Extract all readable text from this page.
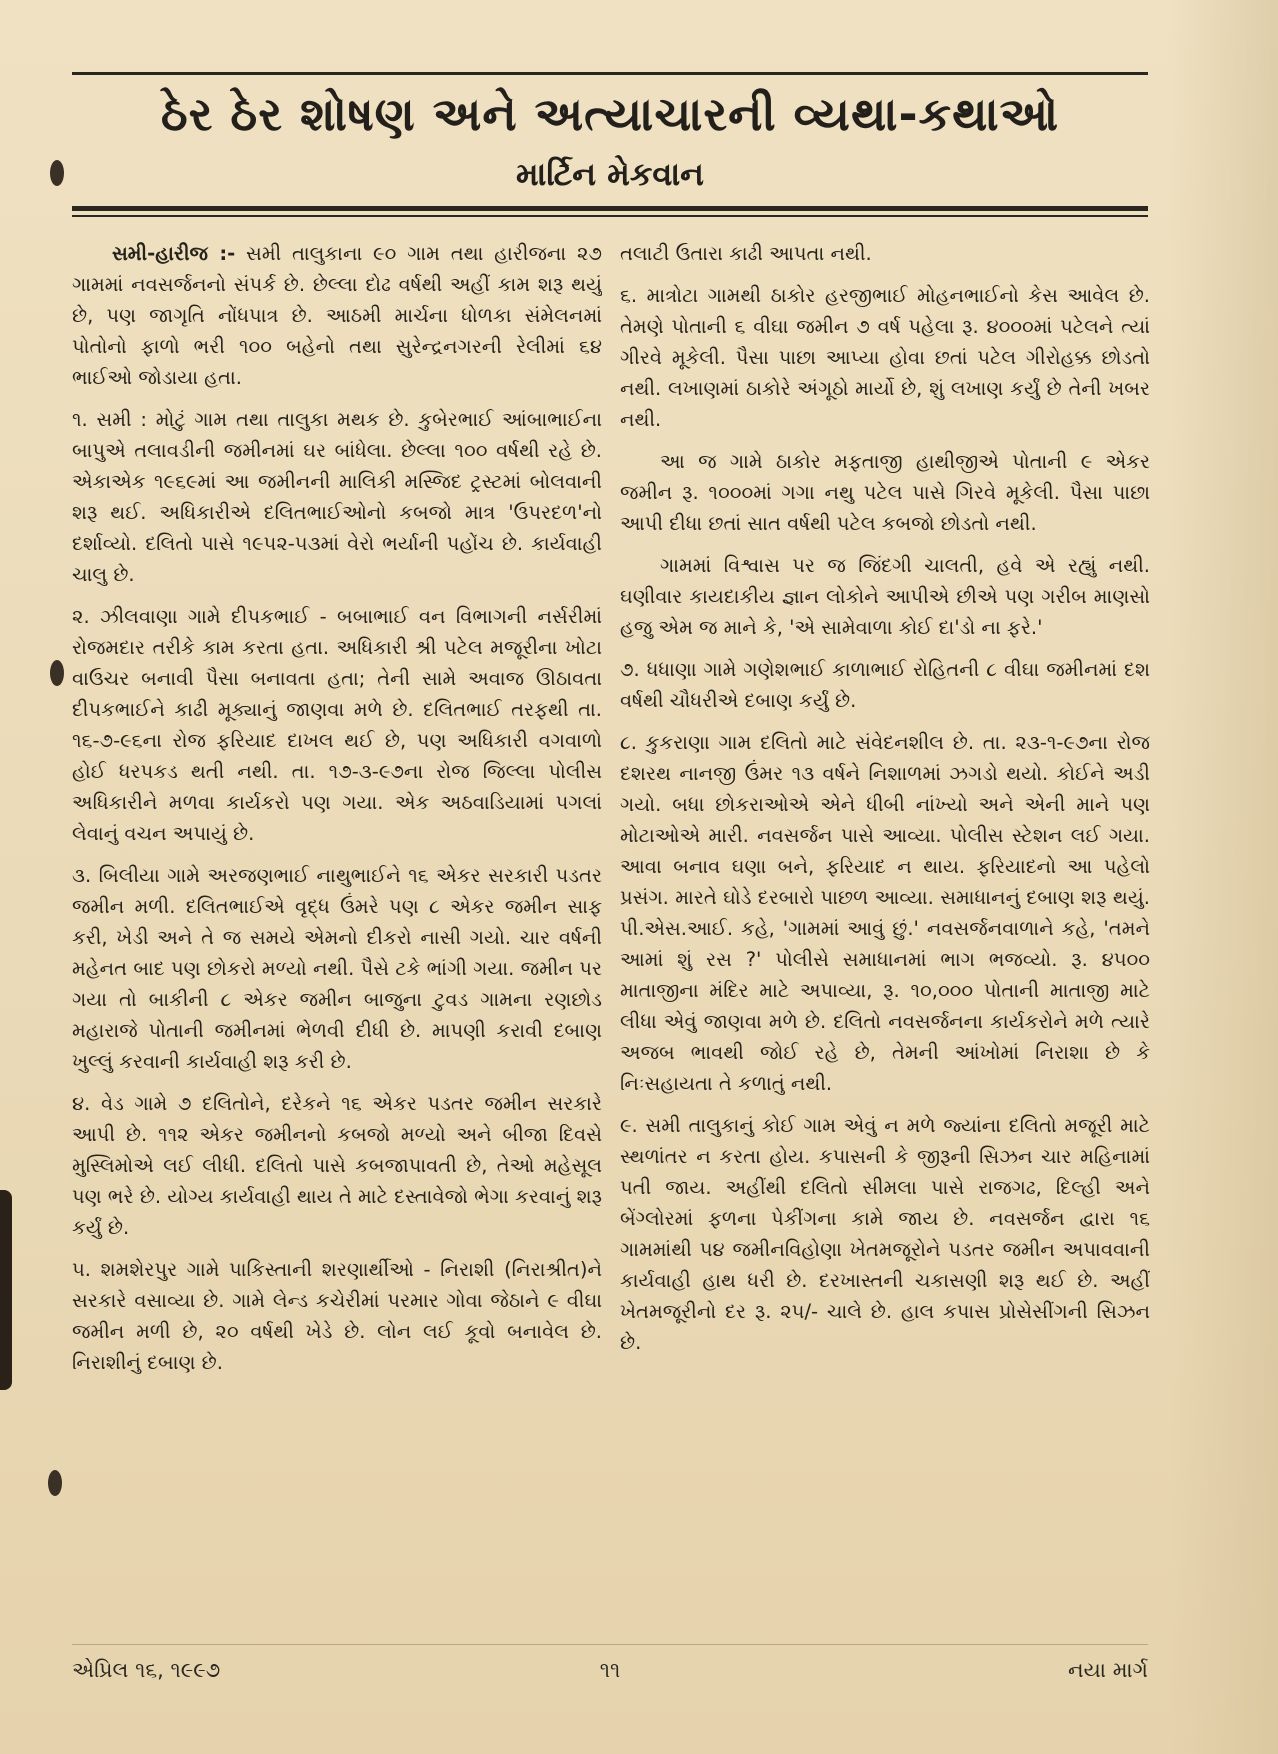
ઠેર ઠેર શોષણ અને અત્યાચારની વ્યથા-કથાઓ
માર્ટિન મેકવાન

સમી-હારીજ :- સમી તાલુકાના ૯૦ ગામ તથા હારીજના ૨૭ ગામમાં નવસર્જનનો સંપર્ક છે. છેલ્લા દોઢ વર્ષથી અહીં કામ શરૂ થયું છે, પણ જાગૃતિ નોંધપાત્ર છે. આઠમી માર્ચના ધોળકા સંમેલનમાં પોતોનો ફાળો ભરી ૧૦૦ બહેનો તથા સુરેન્દ્રનગરની રેલીમાં ૬૪ ભાઈઓ જોડાયા હતા.

૧. સમી : મોટું ગામ તથા તાલુકા મથક છે. કુબેરભાઈ આંબાભાઈના બાપુએ તલાવડીની જમીનમાં ઘર બાંધેલા. છેલ્લા ૧૦૦ વર્ષથી રહે છે. એકાએક ૧૯૬૯માં આ જમીનની માલિકી મસ્જિદ ટ્રસ્ટમાં બોલવાની શરૂ થઈ. અધિકારીએ દલિતભાઈઓનો કબજો માત્ર 'ઉપરદળ'નો દર્શાવ્યો. દલિતો પાસે ૧૯૫૨-૫૩માં વેરો ભર્યાની પહોંચ છે. કાર્યવાહી ચાલુ છે.

૨. ઝીલવાણા ગામે દીપકભાઈ - બબાભાઈ વન વિભાગની નર્સરીમાં રોજમદાર તરીકે કામ કરતા હતા. અધિકારી શ્રી પટેલ મજૂરીના ખોટા વાઉચર બનાવી પૈસા બનાવતા હતા; તેની સામે અવાજ ઊઠાવતા દીપકભાઈને કાઢી મૂક્યાનું જાણવા મળે છે. દલિતભાઈ તરફથી તા. ૧૬-૭-૯૬ના રોજ ફરિયાદ દાખલ થઈ છે, પણ અધિકારી વગવાળો હોઈ ધરપકડ થતી નથી. તા. ૧૭-૩-૯૭ના રોજ જિલ્લા પોલીસ અધિકારીને મળવા કાર્યકરો પણ ગયા. એક અઠવાડિયામાં પગલાં લેવાનું વચન અપાયું છે.

૩. બિલીયા ગામે અરજણભાઈ નાથુભાઈને ૧૬ એકર સરકારી પડતર જમીન મળી. દલિતભાઈએ વૃદ્ધ ઉંમરે પણ ૮ એકર જમીન સાફ કરી, ખેડી અને તે જ સમયે એમનો દીકરો નાસી ગયો. ચાર વર્ષની મહેનત બાદ પણ છોકરો મળ્યો નથી. પૈસે ટકે ભાંગી ગયા. જમીન પર ગયા તો બાકીની ૮ એકર જમીન બાજુના ટુવડ ગામના રણછોડ મહારાજે પોતાની જમીનમાં ભેળવી દીધી છે. માપણી કરાવી દબાણ ખુલ્લું કરવાની કાર્યવાહી શરૂ કરી છે.

૪. વેડ ગામે ૭ દલિતોને, દરેકને ૧૬ એકર પડતર જમીન સરકારે આપી છે. ૧૧૨ એકર જમીનનો કબજો મળ્યો અને બીજા દિવસે મુસ્લિમોએ લઈ લીધી. દલિતો પાસે કબજાપાવતી છે, તેઓ મહેસૂલ પણ ભરે છે. યોગ્ય કાર્યવાહી થાય તે માટે દસ્તાવેજો ભેગા કરવાનું શરૂ કર્યું છે.

૫. શમશેરપુર ગામે પાકિસ્તાની શરણાર્થીઓ - નિરાશી (નિરાશ્રીત)ને સરકારે વસાવ્યા છે. ગામે લેન્ડ કચેરીમાં પરમાર ગોવા જેઠાને ૯ વીઘા જમીન મળી છે, ૨૦ વર્ષથી ખેડે છે. લોન લઈ કૂવો બનાવેલ છે. નિરાશીનું દબાણ છે.

તલાટી ઉતારા કાઢી આપતા નથી.

૬. માત્રોટા ગામથી ઠાકોર હરજીભાઈ મોહનભાઈનો કેસ આવેલ છે. તેમણે પોતાની ૬ વીઘા જમીન ૭ વર્ષ પહેલા રૂ. ૪૦૦૦માં પટેલને ત્યાં ગીરવે મૂકેલી. પૈસા પાછા આપ્યા હોવા છતાં પટેલ ગીરોહક્ક છોડતો નથી. લખાણમાં ઠાકોરે અંગૂઠો માર્યો છે, શું લખાણ કર્યું છે તેની ખબર નથી.

આ જ ગામે ઠાકોર મફતાજી હાથીજીએ પોતાની ૯ એકર જમીન રૂ. ૧૦૦૦માં ગગા નથુ પટેલ પાસે ગિરવે મૂકેલી. પૈસા પાછા આપી દીધા છતાં સાત વર્ષથી પટેલ કબજો છોડતો નથી.

ગામમાં વિશ્વાસ પર જ જિંદગી ચાલતી, હવે એ રહ્યું નથી. ઘણીવાર કાયદાકીય જ્ઞાન લોકોને આપીએ છીએ પણ ગરીબ માણસો હજુ એમ જ માને કે, 'એ સામેવાળા કોઈ દા'ડો ના ફરે.'

૭. ધધાણા ગામે ગણેશભાઈ કાળાભાઈ રોહિતની ૮ વીઘા જમીનમાં દશ વર્ષથી ચૌધરીએ દબાણ કર્યું છે.

૮. કુકરાણા ગામ દલિતો માટે સંવેદનશીલ છે. તા. ૨૩-૧-૯૭ના રોજ દશરથ નાનજી ઉંમર ૧૩ વર્ષને નિશાળમાં ઝગડો થયો. કોઈને અડી ગયો. બધા છોકરાઓએ એને ધીબી નાંખ્યો અને એની માને પણ મોટાઓએ મારી. નવસર્જન પાસે આવ્યા. પોલીસ સ્ટેશન લઈ ગયા. આવા બનાવ ઘણા બને, ફરિયાદ ન થાય. ફરિયાદનો આ પહેલો પ્રસંગ. મારતે ઘોડે દરબારો પાછળ આવ્યા. સમાધાનનું દબાણ શરૂ થયું. પી.એસ.આઈ. કહે, 'ગામમાં આવું છું.' નવસર્જનવાળાને કહે, 'તમને આમાં શું રસ ?' પોલીસે સમાધાનમાં ભાગ ભજવ્યો. રૂ. ૪૫૦૦ માતાજીના મંદિર માટે અપાવ્યા, રૂ. ૧૦,૦૦૦ પોતાની માતાજી માટે લીધા એવું જાણવા મળે છે. દલિતો નવસર્જનના કાર્યકરોને મળે ત્યારે અજબ ભાવથી જોઈ રહે છે, તેમની આંખોમાં નિરાશા છે કે નિઃસહાયતા તે કળાતું નથી.

૯. સમી તાલુકાનું કોઈ ગામ એવું ન મળે જ્યાંના દલિતો મજૂરી માટે સ્થળાંતર ન કરતા હોય. કપાસની કે જીરૂની સિઝન ચાર મહિનામાં પતી જાય. અહીંથી દલિતો સીમલા પાસે રાજગઢ, દિલ્હી અને બેંગ્લોરમાં ફળના પેકીંગના કામે જાય છે. નવસર્જન દ્વારા ૧૬ ગામમાંથી ૫૪ જમીનવિહોણા ખેતમજૂરોને પડતર જમીન અપાવવાની કાર્યવાહી હાથ ધરી છે. દરખાસ્તની ચકાસણી શરૂ થઈ છે. અહીં ખેતમજૂરીનો દર રૂ. ૨૫/- ચાલે છે. હાલ કપાસ પ્રોસેસીંગની સિઝન છે.

એપ્રિલ ૧૬, ૧૯૯૭	૧૧	નયા માર્ગ
